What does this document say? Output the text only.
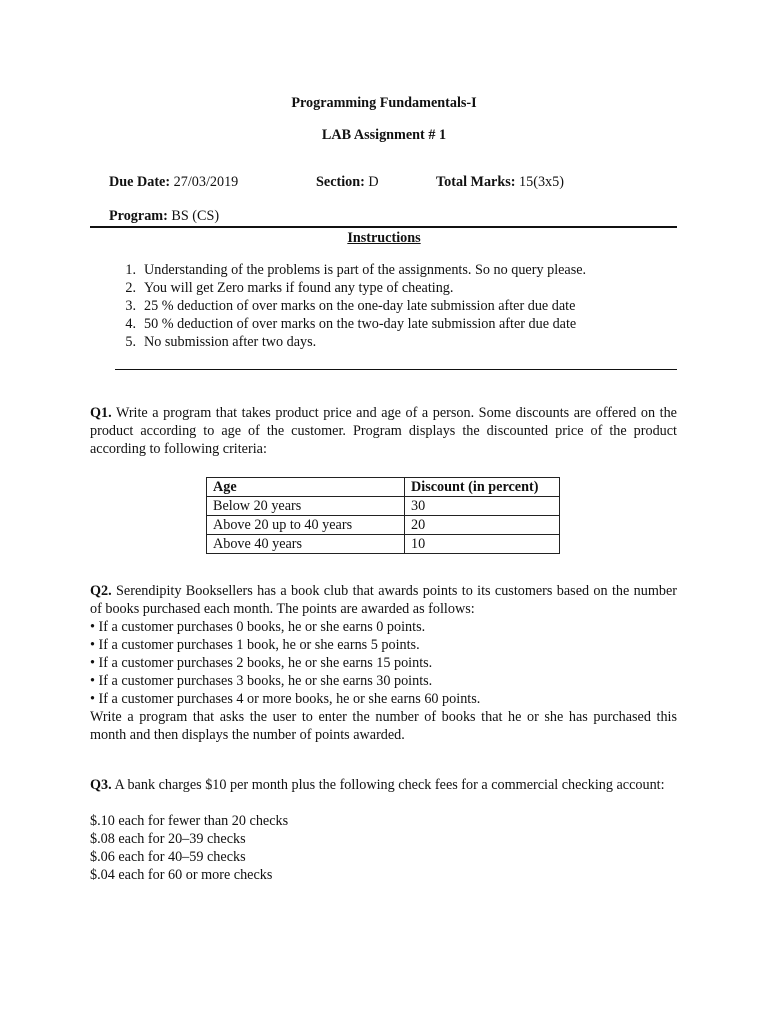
Programming Fundamentals-I
LAB Assignment # 1
Due Date: 27/03/2019	Section: D	Total Marks: 15(3x5)
Program: BS (CS)
Instructions
1. Understanding of the problems is part of the assignments. So no query please.
2. You will get Zero marks if found any type of cheating.
3. 25 % deduction of over marks on the one-day late submission after due date
4. 50 % deduction of over marks on the two-day late submission after due date
5. No submission after two days.
Q1. Write a program that takes product price and age of a person. Some discounts are offered on the product according to age of the customer. Program displays the discounted price of the product according to following criteria:
Age	Discount (in percent)
Below 20 years	30
Above 20 up to 40 years	20
Above 40 years	10
Q2. Serendipity Booksellers has a book club that awards points to its customers based on the number of books purchased each month. The points are awarded as follows:
• If a customer purchases 0 books, he or she earns 0 points.
• If a customer purchases 1 book, he or she earns 5 points.
• If a customer purchases 2 books, he or she earns 15 points.
• If a customer purchases 3 books, he or she earns 30 points.
• If a customer purchases 4 or more books, he or she earns 60 points.
Write a program that asks the user to enter the number of books that he or she has purchased this month and then displays the number of points awarded.
Q3. A bank charges $10 per month plus the following check fees for a commercial checking account:
$.10 each for fewer than 20 checks
$.08 each for 20–39 checks
$.06 each for 40–59 checks
$.04 each for 60 or more checks
